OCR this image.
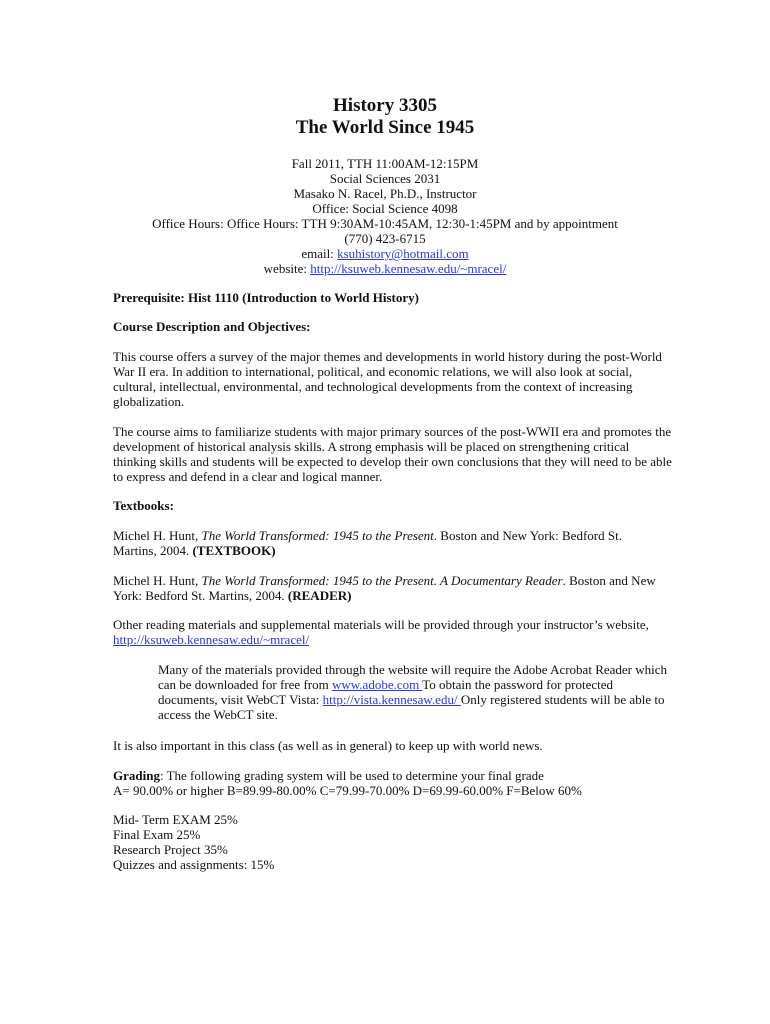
History 3305
The World Since 1945
Fall 2011, TTH 11:00AM-12:15PM
Social Sciences 2031
Masako N. Racel, Ph.D., Instructor
Office: Social Science 4098
Office Hours: Office Hours: TTH 9:30AM-10:45AM, 12:30-1:45PM and by appointment
(770) 423-6715
email: ksuhistory@hotmail.com
website: http://ksuweb.kennesaw.edu/~mracel/
Prerequisite: Hist 1110 (Introduction to World History)
Course Description and Objectives:
This course offers a survey of the major themes and developments in world history during the post-World
War II era. In addition to international, political, and economic relations, we will also look at social,
cultural, intellectual, environmental, and technological developments from the context of increasing
globalization.
The course aims to familiarize students with major primary sources of the post-WWII era and promotes the
development of historical analysis skills. A strong emphasis will be placed on strengthening critical
thinking skills and students will be expected to develop their own conclusions that they will need to be able
to express and defend in a clear and logical manner.
Textbooks:
Michel H. Hunt, The World Transformed: 1945 to the Present. Boston and New York: Bedford St.
Martins, 2004. (TEXTBOOK)
Michel H. Hunt, The World Transformed: 1945 to the Present. A Documentary Reader. Boston and New
York: Bedford St. Martins, 2004. (READER)
Other reading materials and supplemental materials will be provided through your instructor’s website,
http://ksuweb.kennesaw.edu/~mracel/
Many of the materials provided through the website will require the Adobe Acrobat Reader which
can be downloaded for free from www.adobe.com To obtain the password for protected
documents, visit WebCT Vista: http://vista.kennesaw.edu/ Only registered students will be able to
access the WebCT site.
It is also important in this class (as well as in general) to keep up with world news.
Grading: The following grading system will be used to determine your final grade
A= 90.00% or higher B=89.99-80.00% C=79.99-70.00% D=69.99-60.00% F=Below 60%
Mid- Term EXAM 25%
Final Exam 25%
Research Project 35%
Quizzes and assignments: 15%
